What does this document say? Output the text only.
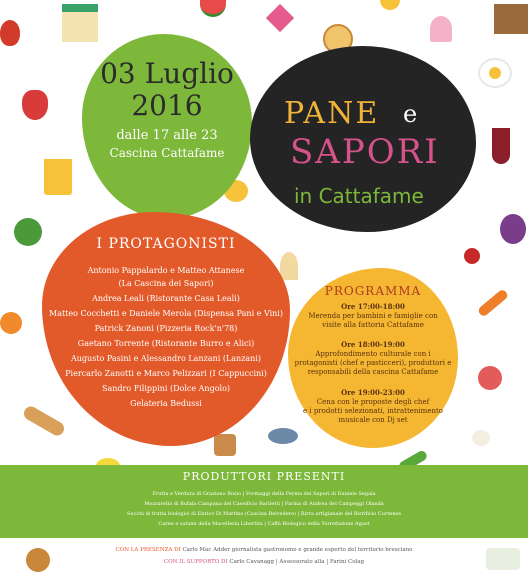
03 Luglio
2016
dalle 17 alle 23
Cascina Cattafame
PANE e
SAPORI
in Cattafame
I PROTAGONISTI
Antonio Pappalardo e Matteo Attanese
(La Cascina dei Sapori)
Andrea Leali (Ristorante Casa Leali)
Matteo Cocchetti e Daniele Merola (Dispensa Pani e Vini)
Patrick Zanoni (Pizzeria Rock'n'78)
Gaetano Torrente (Ristorante Burro e Alici)
Augusto Pasini e Alessandro Lanzani (Lanzani)
Piercarlo Zanotti e Marco Pelizzari (I Cappuccini)
Sandro Filippini (Dolce Angolo)
Gelateria Bedussi
PROGRAMMA
Ore 17:00-18:00
Merenda per bambini e famiglie con
visite alla fattoria Cattafame
Ore 18:00-19:00
Approfondimento culturale con i
protagonisti (chef e pasticceri), produttori e
responsabili della cascina Cattafame
Ore 19:00-23:00
Cena con le proposte degli chef
e i prodotti selezionati, intrattenimento
musicale con Dj set
PRODUTTORI PRESENTI
Frutta e Verdura di Graziano Bosio | Formaggi della Ferma dei Sapori di Daniele Segala
Mozzarella di Bufala Campana del Caseificio Bariletti | Farina di Andrea dei Campeggi Olanda
Succhi di frutta biologici di Enrico Di Martino (Cascina Belvedere) | Birra artigianale del Birrificio Curtense
Carne e salumi della Macelleria Libertini | Caffè Biologico della Torrefazione Agust
CON LA PRESENZA DI Carlo Mac Adder giornalista gastronomo e grande esperto del territorio bresciano
CON IL SUPPORTO DI Carlo Cavanagg | Assessorato alla | Farini Colag
